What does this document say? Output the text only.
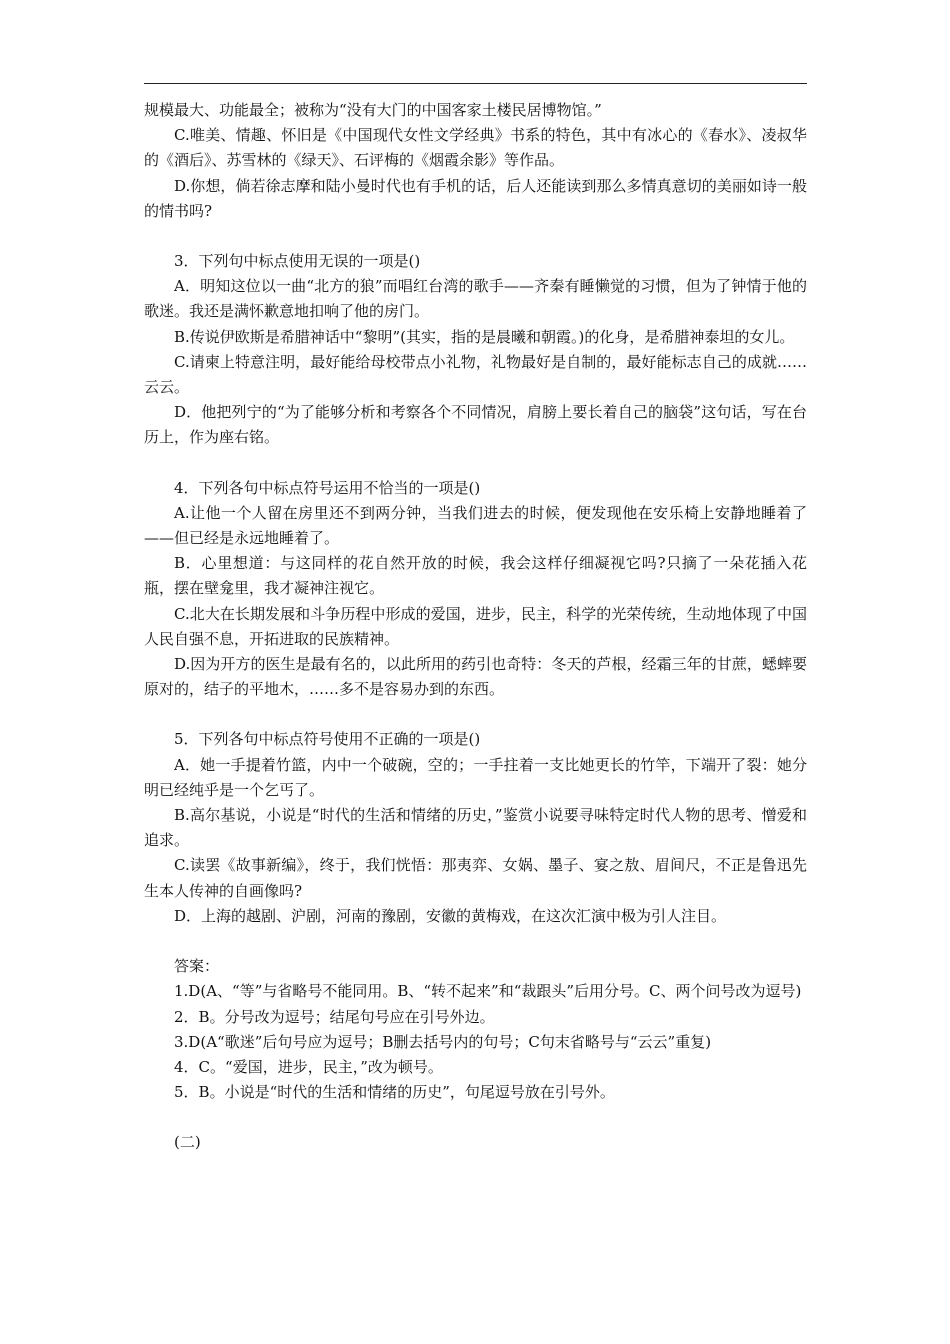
规模最大、功能最全；被称为“没有大门的中国客家土楼民居博物馆。”

C.唯美、情趣、怀旧是《中国现代女性文学经典》书系的特色，其中有冰心的《春水》、凌叔华的《酒后》、苏雪林的《绿天》、石评梅的《烟霞余影》等作品。

D.你想，倘若徐志摩和陆小曼时代也有手机的话，后人还能读到那么多情真意切的美丽如诗一般的情书吗?

3．下列句中标点使用无误的一项是()

A．明知这位以一曲“北方的狼”而唱红台湾的歌手——齐秦有睡懒觉的习惯，但为了钟情于他的歌迷。我还是满怀歉意地扣响了他的房门。

B.传说伊欧斯是希腊神话中“黎明”(其实，指的是晨曦和朝霞。)的化身，是希腊神泰坦的女儿。

C.请柬上特意注明，最好能给母校带点小礼物，礼物最好是自制的，最好能标志自己的成就……云云。

D．他把列宁的“为了能够分析和考察各个不同情况，肩膀上要长着自己的脑袋”这句话，写在台历上，作为座右铭。

4．下列各句中标点符号运用不恰当的一项是()

A.让他一个人留在房里还不到两分钟，当我们进去的时候，便发现他在安乐椅上安静地睡着了——但已经是永远地睡着了。

B．心里想道：与这同样的花自然开放的时候，我会这样仔细凝视它吗?只摘了一朵花插入花瓶，摆在壁龛里，我才凝神注视它。

C.北大在长期发展和斗争历程中形成的爱国，进步，民主，科学的光荣传统，生动地体现了中国人民自强不息，开拓进取的民族精神。

D.因为开方的医生是最有名的，以此所用的药引也奇特：冬天的芦根，经霜三年的甘蔗，蟋蟀要原对的，结子的平地木，……多不是容易办到的东西。

5．下列各句中标点符号使用不正确的一项是()

A．她一手提着竹篮，内中一个破碗，空的；一手拄着一支比她更长的竹竿，下端开了裂：她分明已经纯乎是一个乞丐了。

B.高尔基说，小说是“时代的生活和情绪的历史，”鉴赏小说要寻味特定时代人物的思考、憎爱和追求。

C.读罢《故事新编》，终于，我们恍悟：那夷弈、女娲、墨子、宴之敖、眉间尺，不正是鲁迅先生本人传神的自画像吗?

D．上海的越剧、沪剧，河南的豫剧，安徽的黄梅戏，在这次汇演中极为引人注目。

答案：

1.D(A、“等”与省略号不能同用。B、“转不起来”和“裁跟头”后用分号。C、两个问号改为逗号)

2．B。分号改为逗号；结尾句号应在引号外边。

3.D(A“歌迷”后句号应为逗号；B删去括号内的句号；C句末省略号与“云云”重复)

4．C。“爱国，进步，民主，”改为顿号。

5．B。小说是“时代的生活和情绪的历史”，句尾逗号放在引号外。

(二)
